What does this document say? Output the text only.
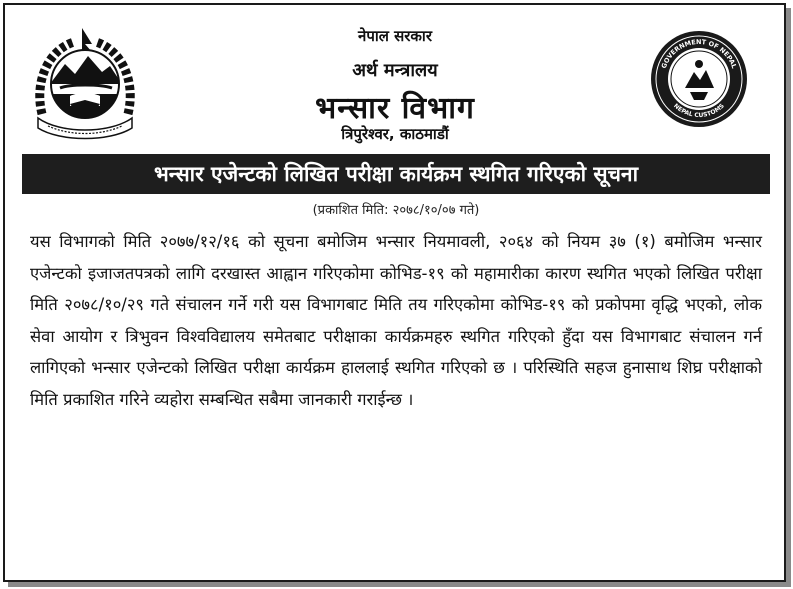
GOVERNMENT OF NEPAL
NEPAL CUSTOMS
नेपाल सरकार
अर्थ मन्त्रालय
भन्सार विभाग
त्रिपुरेश्वर, काठमाडौं
भन्सार एजेन्टको लिखित परीक्षा कार्यक्रम स्थगित गरिएको सूचना
(प्रकाशित मिति: २०७८/१०/०७ गते)
यस विभागको मिति २०७७/१२/१६ को सूचना बमोजिम भन्सार नियमावली, २०६४ को नियम ३७ (१) बमोजिम भन्सार एजेन्टको इजाजतपत्रको लागि दरखास्त आह्वान गरिएकोमा कोभिड-१९ को महामारीका कारण स्थगित भएको लिखित परीक्षा मिति २०७८/१०/२९ गते संचालन गर्ने गरी यस विभागबाट मिति तय गरिएकोमा कोभिड-१९ को प्रकोपमा वृद्धि भएको, लोक सेवा आयोग र त्रिभुवन विश्वविद्यालय समेतबाट परीक्षाका कार्यक्रमहरु स्थगित गरिएको हुँदा यस विभागबाट संचालन गर्न लागिएको भन्सार एजेन्टको लिखित परीक्षा कार्यक्रम हाललाई स्थगित गरिएको छ । परिस्थिति सहज हुनासाथ शिघ्र परीक्षाको मिति प्रकाशित गरिने व्यहोरा सम्बन्धित सबैमा जानकारी गराईन्छ ।
